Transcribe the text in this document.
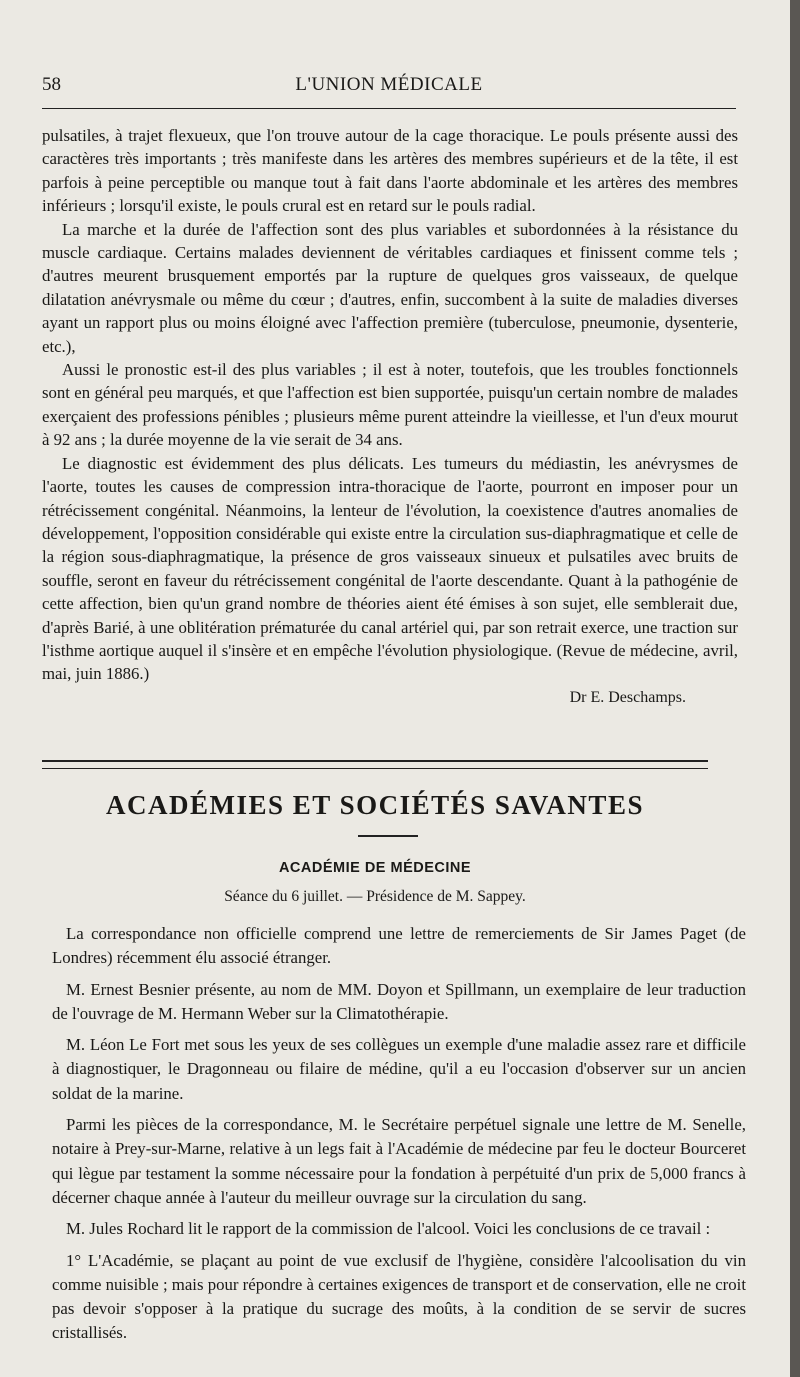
58	L'UNION MÉDICALE

pulsatiles, à trajet flexueux, que l'on trouve autour de la cage thoracique. Le pouls présente aussi des caractères très importants ; très manifeste dans les artères des membres supérieurs et de la tête, il est parfois à peine perceptible ou manque tout à fait dans l'aorte abdominale et les artères des membres inférieurs ; lorsqu'il existe, le pouls crural est en retard sur le pouls radial.

La marche et la durée de l'affection sont des plus variables et subordonnées à la résistance du muscle cardiaque. Certains malades deviennent de véritables cardiaques et finissent comme tels ; d'autres meurent brusquement emportés par la rupture de quelques gros vaisseaux, de quelque dilatation anévrysmale ou même du cœur ; d'autres, enfin, succombent à la suite de maladies diverses ayant un rapport plus ou moins éloigné avec l'affection première (tuberculose, pneumonie, dysenterie, etc.),

Aussi le pronostic est-il des plus variables ; il est à noter, toutefois, que les troubles fonctionnels sont en général peu marqués, et que l'affection est bien supportée, puisqu'un certain nombre de malades exerçaient des professions pénibles ; plusieurs même purent atteindre la vieillesse, et l'un d'eux mourut à 92 ans ; la durée moyenne de la vie serait de 34 ans.

Le diagnostic est évidemment des plus délicats. Les tumeurs du médiastin, les anévrysmes de l'aorte, toutes les causes de compression intra-thoracique de l'aorte, pourront en imposer pour un rétrécissement congénital. Néanmoins, la lenteur de l'évolution, la coexistence d'autres anomalies de développement, l'opposition considérable qui existe entre la circulation sus-diaphragmatique et celle de la région sous-diaphragmatique, la présence de gros vaisseaux sinueux et pulsatiles avec bruits de souffle, seront en faveur du rétrécissement congénital de l'aorte descendante. Quant à la pathogénie de cette affection, bien qu'un grand nombre de théories aient été émises à son sujet, elle semblerait due, d'après Barié, à une oblitération prématurée du canal artériel qui, par son retrait exerce, une traction sur l'isthme aortique auquel il s'insère et en empêche l'évolution physiologique. (Revue de médecine, avril, mai, juin 1886.)

Dr E. Deschamps.
ACADÉMIES ET SOCIÉTÉS SAVANTES
ACADÉMIE DE MÉDECINE
Séance du 6 juillet. — Présidence de M. Sappey.

La correspondance non officielle comprend une lettre de remerciements de Sir James Paget (de Londres) récemment élu associé étranger.

M. Ernest Besnier présente, au nom de MM. Doyon et Spillmann, un exemplaire de leur traduction de l'ouvrage de M. Hermann Weber sur la Climatothérapie.

M. Léon Le Fort met sous les yeux de ses collègues un exemple d'une maladie assez rare et difficile à diagnostiquer, le Dragonneau ou filaire de médine, qu'il a eu l'occasion d'observer sur un ancien soldat de la marine.

Parmi les pièces de la correspondance, M. le Secrétaire perpétuel signale une lettre de M. Senelle, notaire à Prey-sur-Marne, relative à un legs fait à l'Académie de médecine par feu le docteur Bourceret qui lègue par testament la somme nécessaire pour la fondation à perpétuité d'un prix de 5,000 francs à décerner chaque année à l'auteur du meilleur ouvrage sur la circulation du sang.

M. Jules Rochard lit le rapport de la commission de l'alcool. Voici les conclusions de ce travail :

1° L'Académie, se plaçant au point de vue exclusif de l'hygiène, considère l'alcoolisation du vin comme nuisible ; mais pour répondre à certaines exigences de transport et de conservation, elle ne croit pas devoir s'opposer à la pratique du sucrage des moûts, à la condition de se servir de sucres cristallisés.
